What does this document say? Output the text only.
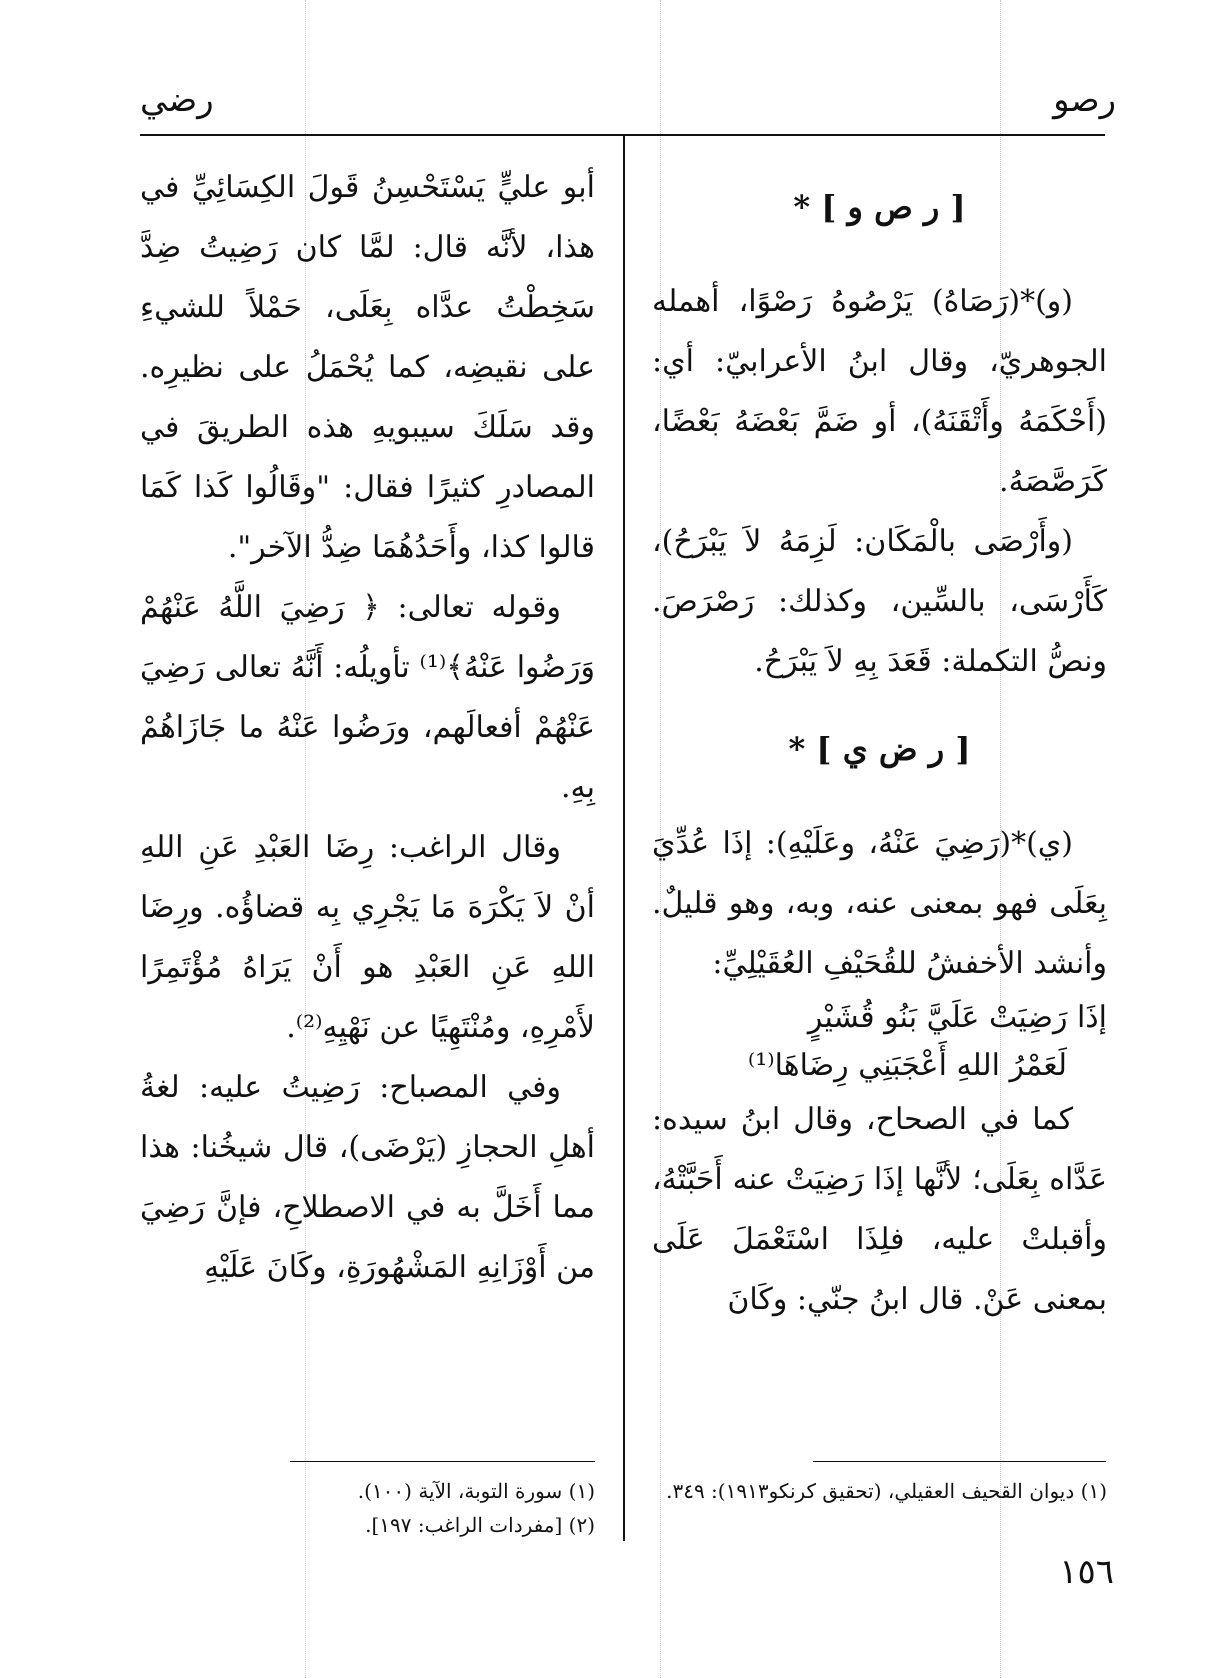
رصو
رضي
[ ر ص و ] *

(و)*(رَصَاهُ) يَرْصُوهُ رَصْوًا، أهمله الجوهريّ، وقال ابنُ الأعرابيّ: أي: (أَحْكَمَهُ وأَتْقَنَهُ)، أو ضَمَّ بَعْضَهُ بَعْضًا، كَرَصَّصَهُ.

(وأَرْصَى بالْمَكَان: لَزِمَهُ لاَ يَبْرَحُ)، كَأَرْسَى، بالسِّين، وكذلك: رَصْرَصَ. ونصُّ التكملة: قَعَدَ بِهِ لاَ يَبْرَحُ.

[ ر ض ي ] *

(ي)*(رَضِيَ عَنْهُ، وعَلَيْهِ): إذَا عُدِّيَ بِعَلَى فهو بمعنى عنه، وبه، وهو قليلٌ. وأنشد الأخفشُ للقُحَيْفِ العُقَيْلِيِّ:

إذَا رَضِيَتْ عَلَيَّ بَنُو قُشَيْرٍ

لَعَمْرُ اللهِ أَعْجَبَنِي رِضَاهَا⁽¹⁾

كما في الصحاح، وقال ابنُ سيده: عَدَّاه بِعَلَى؛ لأنَّها إذَا رَضِيَتْ عنه أَحَبَّتْهُ، وأقبلتْ عليه، فلِذَا اسْتَعْمَلَ عَلَى بمعنى عَنْ. قال ابنُ جنّي: وكَانَ

أبو عليٍّ يَسْتَحْسِنُ قَولَ الكِسَائِيِّ في هذا، لأنَّه قال: لمَّا كان رَضِيتُ ضِدَّ سَخِطْتُ عدَّاه بِعَلَى، حَمْلاً للشيءِ على نقيضِه، كما يُحْمَلُ على نظيرِه. وقد سَلَكَ سيبويهِ هذه الطريقَ في المصادرِ كثيرًا فقال: "وقَالُوا كَذا كَمَا قالوا كذا، وأَحَدُهُمَا ضِدُّ الآخر".

وقوله تعالى: ﴿ رَضِيَ اللَّهُ عَنْهُمْ وَرَضُوا عَنْهُ﴾⁽¹⁾ تأويلُه: أَنَّهُ تعالى رَضِيَ عَنْهُمْ أفعالَهم، ورَضُوا عَنْهُ ما جَازَاهُمْ بِهِ.

وقال الراغب: رِضَا العَبْدِ عَنِ اللهِ أنْ لاَ يَكْرَهَ مَا يَجْرِي بِه قضاؤُه. ورِضَا اللهِ عَنِ العَبْدِ هو أَنْ يَرَاهُ مُؤْتَمِرًا لأَمْرِهِ، ومُنْتَهِيًا عن نَهْيِهِ⁽²⁾.

وفي المصباح: رَضِيتُ عليه: لغةُ أهلِ الحجازِ (يَرْضَى)، قال شيخُنا: هذا مما أَخَلَّ به في الاصطلاحِ، فإنَّ رَضِيَ من أَوْزَانِهِ المَشْهُورَةِ، وكَانَ عَلَيْهِ

(١) ديوان القحيف العقيلي، (تحقيق كرنكو١٩١٣): ٣٤٩.

(١) سورة التوبة، الآية (١٠٠).

(٢) [مفردات الراغب: ١٩٧].

١٥٦
